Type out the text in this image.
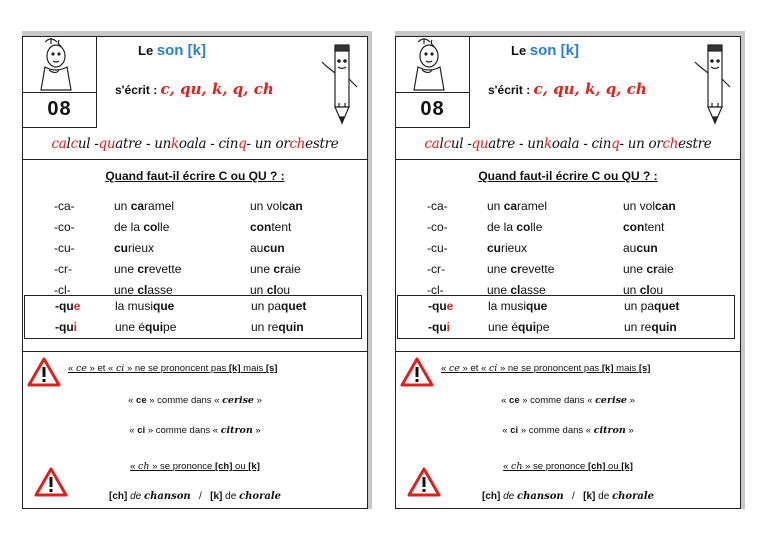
08
Le son [k]
s'écrit : c, qu, k, q, ch
ca l c ul - qu atre - un k oala - cin q - un or ch estre
Quand faut-il écrire C ou QU ? :
-ca-	un caramel	un volcan
-co-	de la colle	content
-cu-	curieux	aucun
-cr-	une crevette	une craie
-cl-	une classe	un clou
-que	la musique	un paquet
-qui	une équipe	un requin
« ce » et « ci » ne se prononcent pas [k] mais [s]
« ce » comme dans « cerise »
« ci » comme dans « citron »
« ch » se prononce [ch] ou [k]
[ch] de chanson   /   [k] de chorale
08
Le son [k]
s'écrit : c, qu, k, q, ch
ca l c ul - qu atre - un k oala - cin q - un or ch estre
Quand faut-il écrire C ou QU ? :
-ca-	un caramel	un volcan
-co-	de la colle	content
-cu-	curieux	aucun
-cr-	une crevette	une craie
-cl-	une classe	un clou
-que	la musique	un paquet
-qui	une équipe	un requin
« ce » et « ci » ne se prononcent pas [k] mais [s]
« ce » comme dans « cerise »
« ci » comme dans « citron »
« ch » se prononce [ch] ou [k]
[ch] de chanson   /   [k] de chorale
